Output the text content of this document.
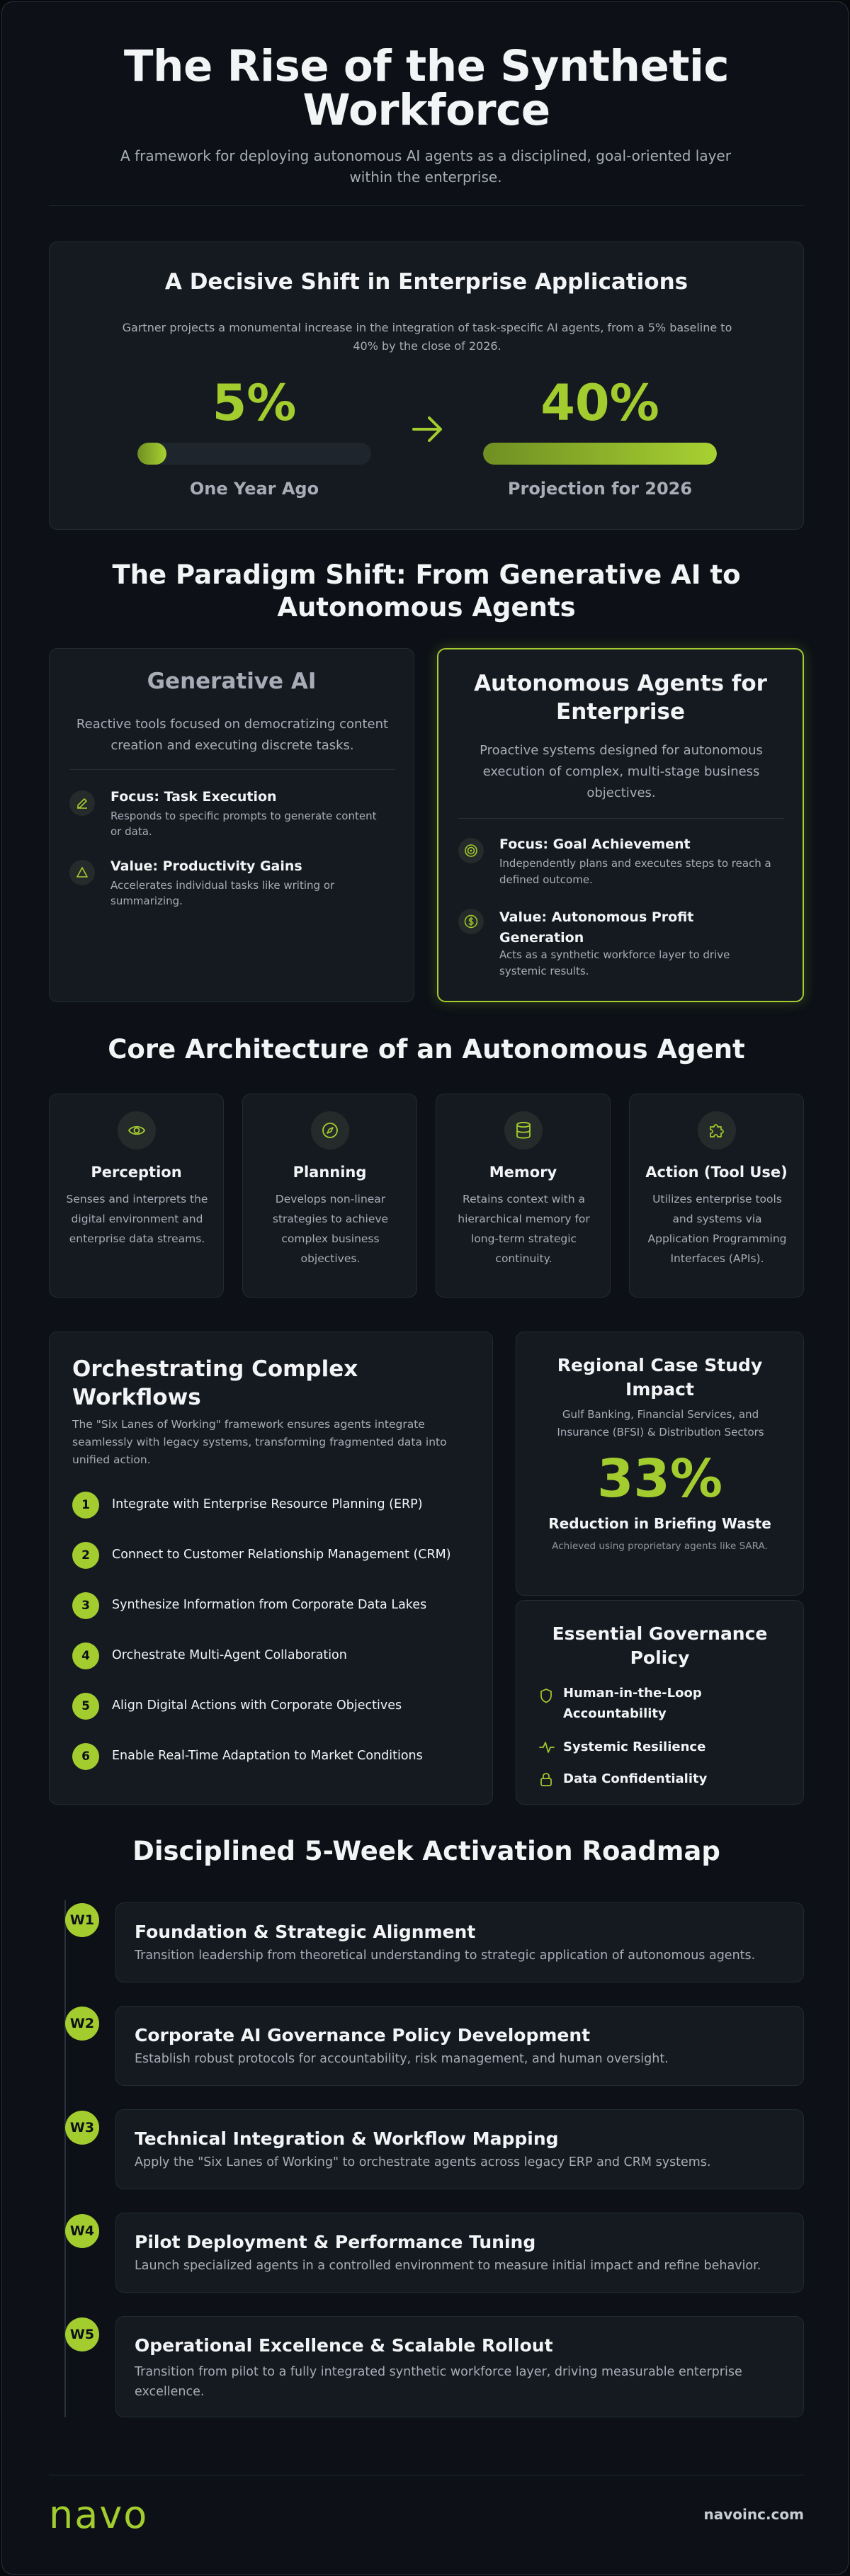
The Rise of the Synthetic
Workforce
A framework for deploying autonomous AI agents as a disciplined, goal-oriented layer within the enterprise.
A Decisive Shift in Enterprise Applications
Gartner projects a monumental increase in the integration of task-specific AI agents, from a 5% baseline to 40% by the close of 2026.
5%
One Year Ago
40%
Projection for 2026
The Paradigm Shift: From Generative AI to
Autonomous Agents
Generative AI
Reactive tools focused on democratizing content creation and executing discrete tasks.
Focus: Task Execution
Responds to specific prompts to generate content or data.
Value: Productivity Gains
Accelerates individual tasks like writing or summarizing.
Autonomous Agents for
Enterprise
Proactive systems designed for autonomous execution of complex, multi-stage business objectives.
Focus: Goal Achievement
Independently plans and executes steps to reach a defined outcome.
Value: Autonomous Profit
Generation
Acts as a synthetic workforce layer to drive systemic results.
Core Architecture of an Autonomous Agent
Perception
Senses and interprets the digital environment and enterprise data streams.
Planning
Develops non-linear strategies to achieve complex business objectives.
Memory
Retains context with a hierarchical memory for long-term strategic continuity.
Action (Tool Use)
Utilizes enterprise tools and systems via Application Programming Interfaces (APIs).
Orchestrating Complex
Workflows
The "Six Lanes of Working" framework ensures agents integrate seamlessly with legacy systems, transforming fragmented data into unified action.
1	Integrate with Enterprise Resource Planning (ERP)
2	Connect to Customer Relationship Management (CRM)
3	Synthesize Information from Corporate Data Lakes
4	Orchestrate Multi-Agent Collaboration
5	Align Digital Actions with Corporate Objectives
6	Enable Real-Time Adaptation to Market Conditions
Regional Case Study
Impact
Gulf Banking, Financial Services, and Insurance (BFSI) & Distribution Sectors
33%
Reduction in Briefing Waste
Achieved using proprietary agents like SARA.
Essential Governance
Policy
Human-in-the-Loop
Accountability
Systemic Resilience
Data Confidentiality
Disciplined 5-Week Activation Roadmap
W1
Foundation & Strategic Alignment
Transition leadership from theoretical understanding to strategic application of autonomous agents.
W2
Corporate AI Governance Policy Development
Establish robust protocols for accountability, risk management, and human oversight.
W3
Technical Integration & Workflow Mapping
Apply the "Six Lanes of Working" to orchestrate agents across legacy ERP and CRM systems.
W4
Pilot Deployment & Performance Tuning
Launch specialized agents in a controlled environment to measure initial impact and refine behavior.
W5
Operational Excellence & Scalable Rollout
Transition from pilot to a fully integrated synthetic workforce layer, driving measurable enterprise
excellence.
navo	navoinc.com
